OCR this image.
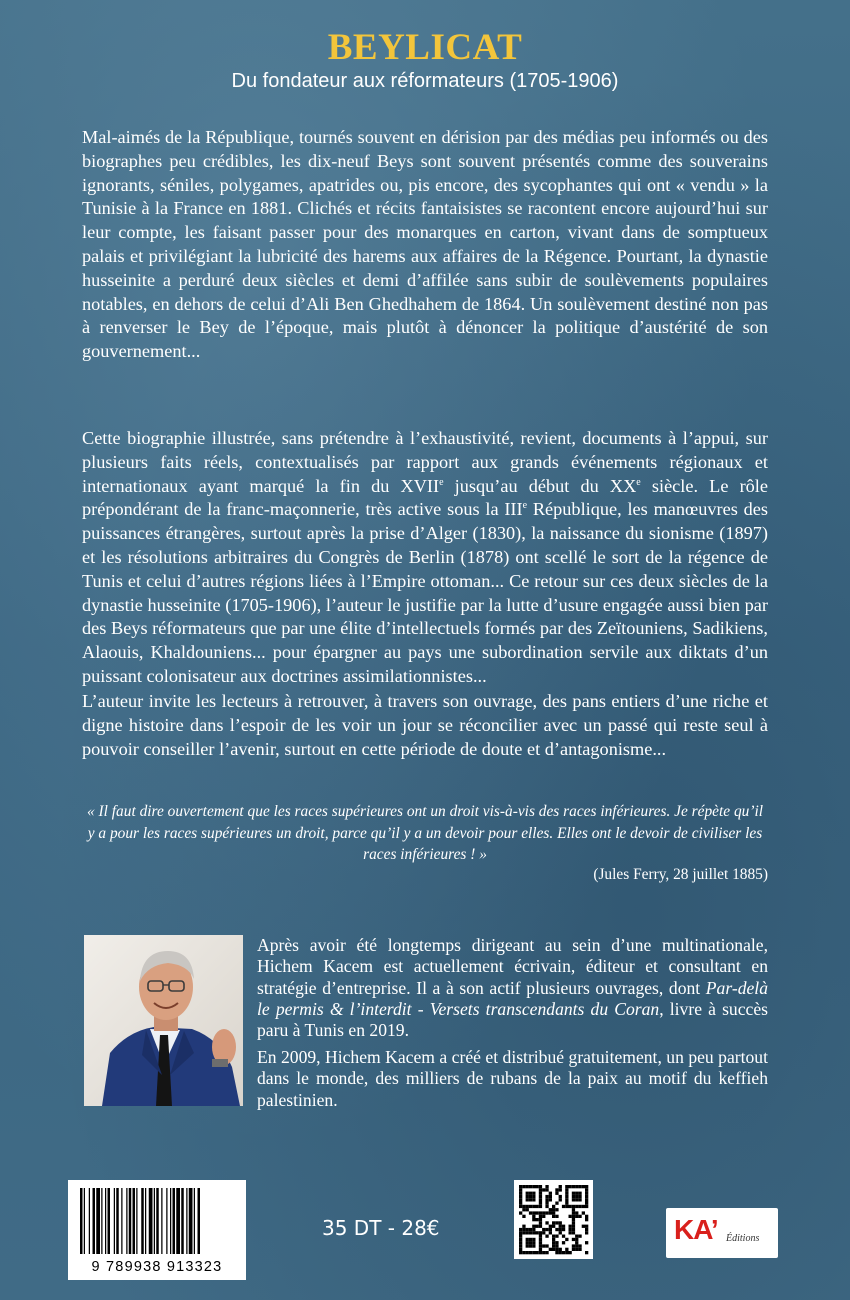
BEYLICAT
Du fondateur aux réformateurs (1705-1906)
Mal-aimés de la République, tournés souvent en dérision par des médias peu informés ou des biographes peu crédibles, les dix-neuf Beys sont souvent présentés comme des souverains ignorants, séniles, polygames, apatrides ou, pis encore, des sycophantes qui ont « vendu » la Tunisie à la France en 1881. Clichés et récits fantaisistes se racontent encore aujourd’hui sur leur compte, les faisant passer pour des monarques en carton, vivant dans de somptueux palais et privilégiant la lubricité des harems aux affaires de la Régence. Pourtant, la dynastie husseinite a perduré deux siècles et demi d’affilée sans subir de soulèvements populaires notables, en dehors de celui d’Ali Ben Ghedhahem de 1864. Un soulèvement destiné non pas à renverser le Bey de l’époque, mais plutôt à dénoncer la politique d’austérité de son gouvernement...
Cette biographie illustrée, sans prétendre à l’exhaustivité, revient, documents à l’appui, sur plusieurs faits réels, contextualisés par rapport aux grands événements régionaux et internationaux ayant marqué la fin du XVIIe jusqu’au début du XXe siècle. Le rôle prépondérant de la franc-maçonnerie, très active sous la IIIe République, les manœuvres des puissances étrangères, surtout après la prise d’Alger (1830), la naissance du sionisme (1897) et les résolutions arbitraires du Congrès de Berlin (1878) ont scellé le sort de la régence de Tunis et celui d’autres régions liées à l’Empire ottoman... Ce retour sur ces deux siècles de la dynastie husseinite (1705-1906), l’auteur le justifie par la lutte d’usure engagée aussi bien par des Beys réformateurs que par une élite d’intellectuels formés par des Zeïtouniens, Sadikiens, Alaouis, Khaldouniens... pour épargner au pays une subordination servile aux diktats d’un puissant colonisateur aux doctrines assimilationnistes...
L’auteur invite les lecteurs à retrouver, à travers son ouvrage, des pans entiers d’une riche et digne histoire dans l’espoir de les voir un jour se réconcilier avec un passé qui reste seul à pouvoir conseiller l’avenir, surtout en cette période de doute et d’antagonisme...
« Il faut dire ouvertement que les races supérieures ont un droit vis-à-vis des races inférieures. Je répète qu’il y a pour les races supérieures un droit, parce qu’il y a un devoir pour elles. Elles ont le devoir de civiliser les races inférieures ! »
(Jules Ferry, 28 juillet 1885)
Après avoir été longtemps dirigeant au sein d’une multinationale, Hichem Kacem est actuellement écrivain, éditeur et consultant en stratégie d’entreprise. Il a à son actif plusieurs ouvrages, dont Par-delà le permis & l’interdit - Versets transcendants du Coran, livre à succès paru à Tunis en 2019.
En 2009, Hichem Kacem a créé et distribué gratuitement, un peu partout dans le monde, des milliers de rubans de la paix au motif du keffieh palestinien.
9 789938 913323
35 DT - 28€	KA’ Éditions
